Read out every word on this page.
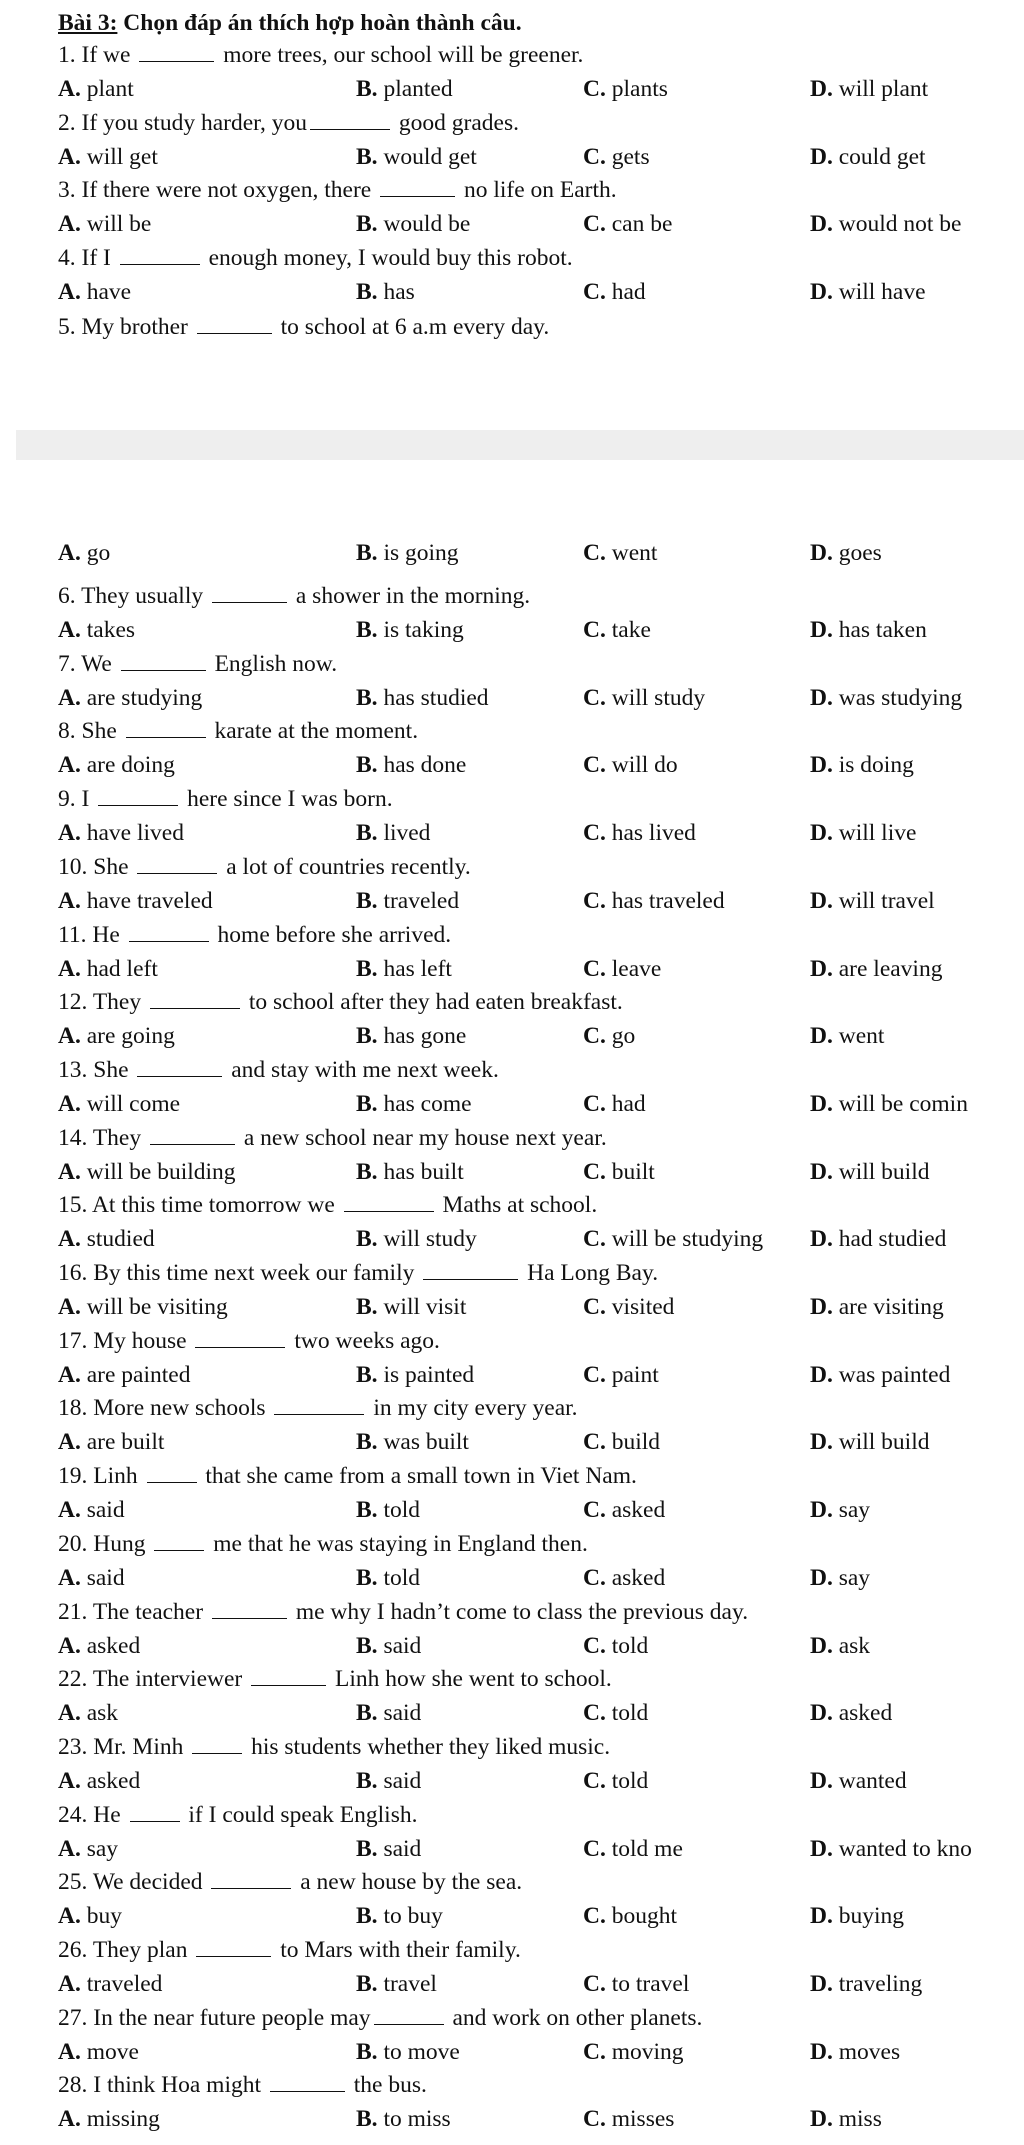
Bài 3: Chọn đáp án thích hợp hoàn thành câu.
1. If we	more trees, our school will be greener.
A. plant	B. planted	C. plants	D. will plant
2. If you study harder, you	good grades.
A. will get	B. would get	C. gets	D. could get
3. If there were not oxygen, there	no life on Earth.
A. will be	B. would be	C. can be	D. would not be
4. If I	enough money, I would buy this robot.
A. have	B. has	C. had	D. will have
5. My brother	to school at 6 a.m every day.
A. go	B. is going	C. went	D. goes
6. They usually	a shower in the morning.
A. takes	B. is taking	C. take	D. has taken
7. We	English now.
A. are studying	B. has studied	C. will study	D. was studying
8. She	karate at the moment.
A. are doing	B. has done	C. will do	D. is doing
9. I	here since I was born.
A. have lived	B. lived	C. has lived	D. will live
10. She	a lot of countries recently.
A. have traveled	B. traveled	C. has traveled	D. will travel
11. He	home before she arrived.
A. had left	B. has left	C. leave	D. are leaving
12. They	to school after they had eaten breakfast.
A. are going	B. has gone	C. go	D. went
13. She	and stay with me next week.
A. will come	B. has come	C. had	D. will be comin
14. They	a new school near my house next year.
A. will be building	B. has built	C. built	D. will build
15. At this time tomorrow we	Maths at school.
A. studied	B. will study	C. will be studying D. had studied
16. By this time next week our family	Ha Long Bay.
A. will be visiting	B. will visit	C. visited	D. are visiting
17. My house	two weeks ago.
A. are painted	B. is painted	C. paint	D. was painted
18. More new schools	in my city every year.
A. are built	B. was built	C. build	D. will build
19. Linh  that she came from a small town in Viet Nam.
A. said	B. told	C. asked	D. say
20. Hung  me that he was staying in England then.
A. said	B. told	C. asked	D. say
21. The teacher	me why I hadn’t come to class the previous day.
A. asked	B. said	C. told	D. ask
22. The interviewer	Linh how she went to school.
A. ask	B. said	C. told	D. asked
23. Mr. Minh  his students whether they liked music.
A. asked	B. said	C. told	D. wanted
24. He  if I could speak English.
A. say	B. said	C. told me	D. wanted to kno
25. We decided	a new house by the sea.
A. buy	B. to buy	C. bought	D. buying
26. They plan	to Mars with their family.
A. traveled	B. travel	C. to travel	D. traveling
27. In the near future people may	and work on other planets.
A. move	B. to move	C. moving	D. moves
28. I think Hoa might	the bus.
A. missing	B. to miss	C. misses	D. miss
